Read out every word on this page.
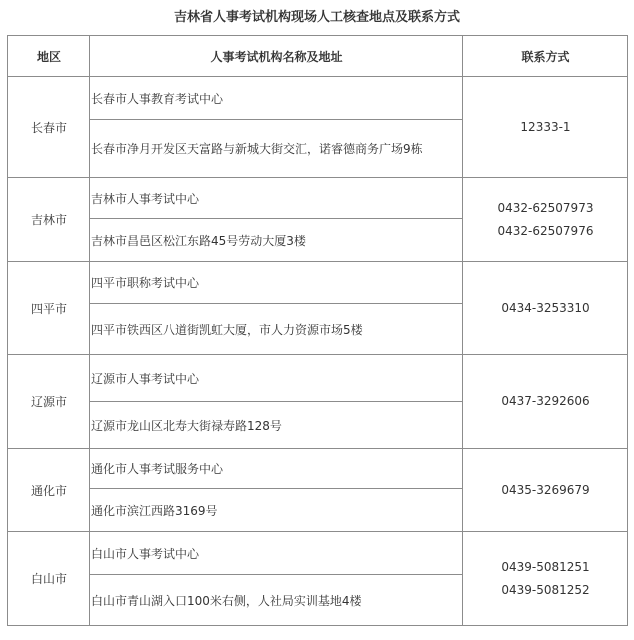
吉林省人事考试机构现场人工核查地点及联系方式
地区	人事考试机构名称及地址	联系方式
长春市	长春市人事教育考试中心	12333-1

	长春市净月开发区天富路与新城大街交汇，诺睿德商务广场9栋	
吉林市	吉林市人事考试中心	0432-62507973
0432-62507976

	吉林市昌邑区松江东路45号劳动大厦3楼	
四平市	四平市职称考试中心	0434-3253310

	四平市铁西区八道街凯虹大厦，市人力资源市场5楼	
辽源市	辽源市人事考试中心	0437-3292606

	辽源市龙山区北寿大街禄寿路128号	
通化市	通化市人事考试服务中心	0435-3269679

	通化市滨江西路3169号	
白山市	白山市人事考试中心	0439-5081251
0439-5081252

	白山市青山湖入口100米右侧，人社局实训基地4楼	
